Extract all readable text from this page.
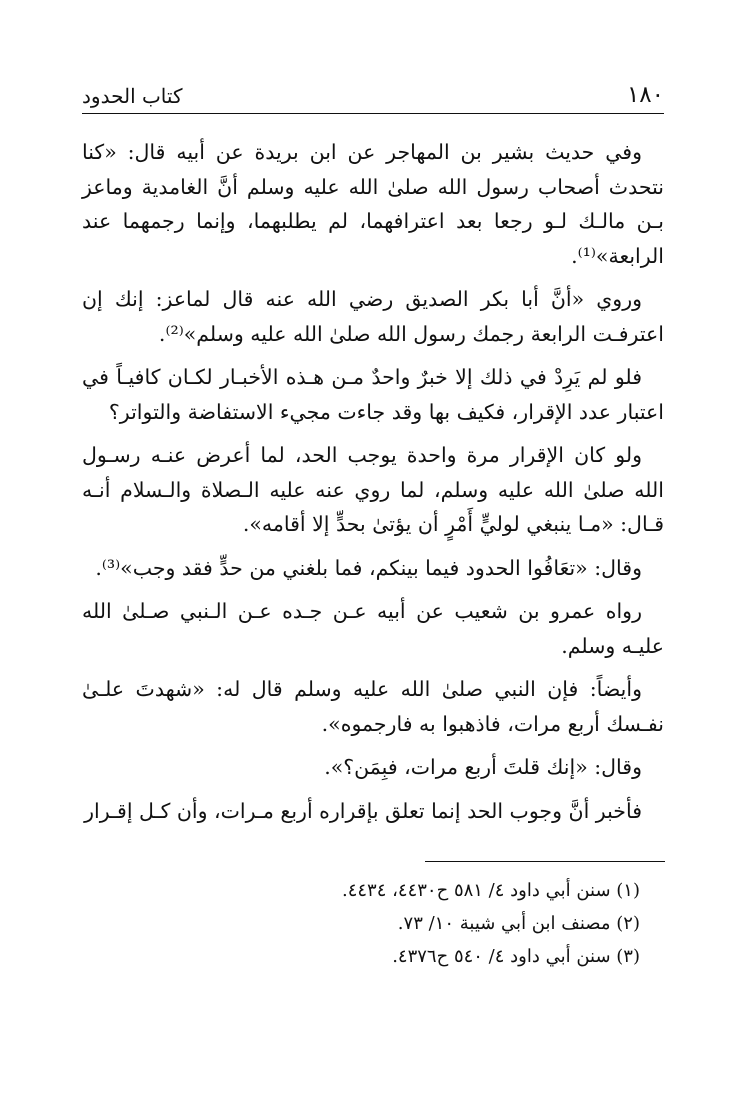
١٨٠
كتاب الحدود

وفي حديث بشير بن المهاجر عن ابن بريدة عن أبيه قال: «كنا نتحدث أصحاب رسول الله صلىٰ الله عليه وسلم أنَّ الغامدية وماعز بـن مالـك لـو رجعا بعد اعترافهما، لم يطلبهما، وإنما رجمهما عند الرابعة»⁽¹⁾.

وروي «أنَّ أبا بكر الصديق رضي الله عنه قال لماعز: إنك إن اعترفـت الرابعة رجمك رسول الله صلىٰ الله عليه وسلم»⁽²⁾.

فلو لم يَرِدْ في ذلك إلا خبرٌ واحدٌ مـن هـذه الأخبـار لكـان كافيـاً في اعتبار عدد الإقرار، فكيف بها وقد جاءت مجيء الاستفاضة والتواتر؟

ولو كان الإقرار مرة واحدة يوجب الحد، لما أعرض عنـه رسـول الله صلىٰ الله عليه وسلم، لما روي عنه عليه الـصلاة والـسلام أنـه قـال: «مـا ينبغي لوليٍّ أَمْرٍ أن يؤتىٰ بحدٍّ إلا أقامه».

وقال: «تعَافُوا الحدود فيما بينكم، فما بلغني من حدٍّ فقد وجب»⁽³⁾.

رواه عمرو بن شعيب عن أبيه عـن جـده عـن الـنبي صـلىٰ الله عليـه وسلم.

وأيضاً: فإن النبي صلىٰ الله عليه وسلم قال له: «شهدتَ علـىٰ نفـسك أربع مرات، فاذهبوا به فارجموه».

وقال: «إنك قلتَ أربع مرات، فبِمَن؟».

فأخبر أنَّ وجوب الحد إنما تعلق بإقراره أربع مـرات، وأن كـل إقـرار

(١) سنن أبي داود ٤/ ٥٨١ ح٤٤٣٠، ٤٤٣٤.

(٢) مصنف ابن أبي شيبة ١٠/ ٧٣.

(٣) سنن أبي داود ٤/ ٥٤٠ ح٤٣٧٦.
